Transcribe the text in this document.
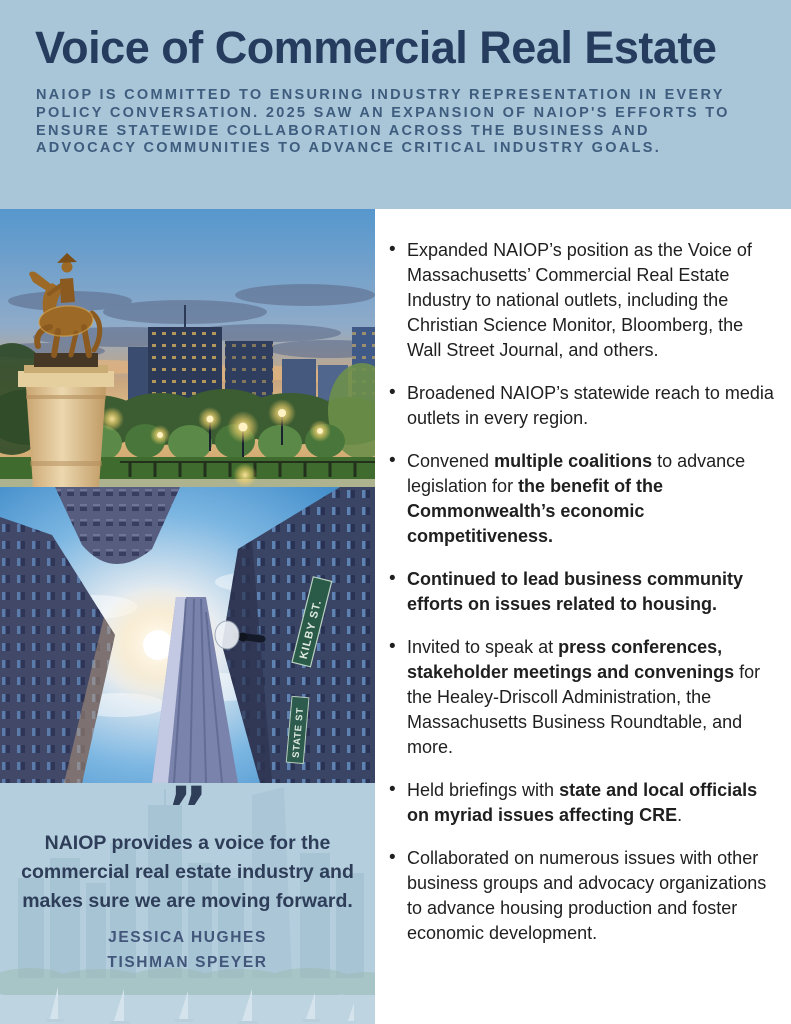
Voice of Commercial Real Estate

NAIOP IS COMMITTED TO ENSURING INDUSTRY REPRESENTATION IN EVERY POLICY CONVERSATION. 2025 SAW AN EXPANSION OF NAIOP'S EFFORTS TO ENSURE STATEWIDE COLLABORATION ACROSS THE BUSINESS AND ADVOCACY COMMUNITIES TO ADVANCE CRITICAL INDUSTRY GOALS.

KILBY ST.
STATE ST
”

NAIOP provides a voice for the commercial real estate industry and makes sure we are moving forward.

JESSICA HUGHES
TISHMAN SPEYER
• Expanded NAIOP’s position as the Voice of Massachusetts’ Commercial Real Estate Industry to national outlets, including the Christian Science Monitor, Bloomberg, the Wall Street Journal, and others.
• Broadened NAIOP’s statewide reach to media outlets in every region.
• Convened multiple coalitions to advance legislation for the benefit of the Commonwealth’s economic competitiveness.
• Continued to lead business community efforts on issues related to housing.
• Invited to speak at press conferences, stakeholder meetings and convenings for the Healey-Driscoll Administration, the Massachusetts Business Roundtable, and more.
• Held briefings with state and local officials on myriad issues affecting CRE.
• Collaborated on numerous issues with other business groups and advocacy organizations to advance housing production and foster economic development.
